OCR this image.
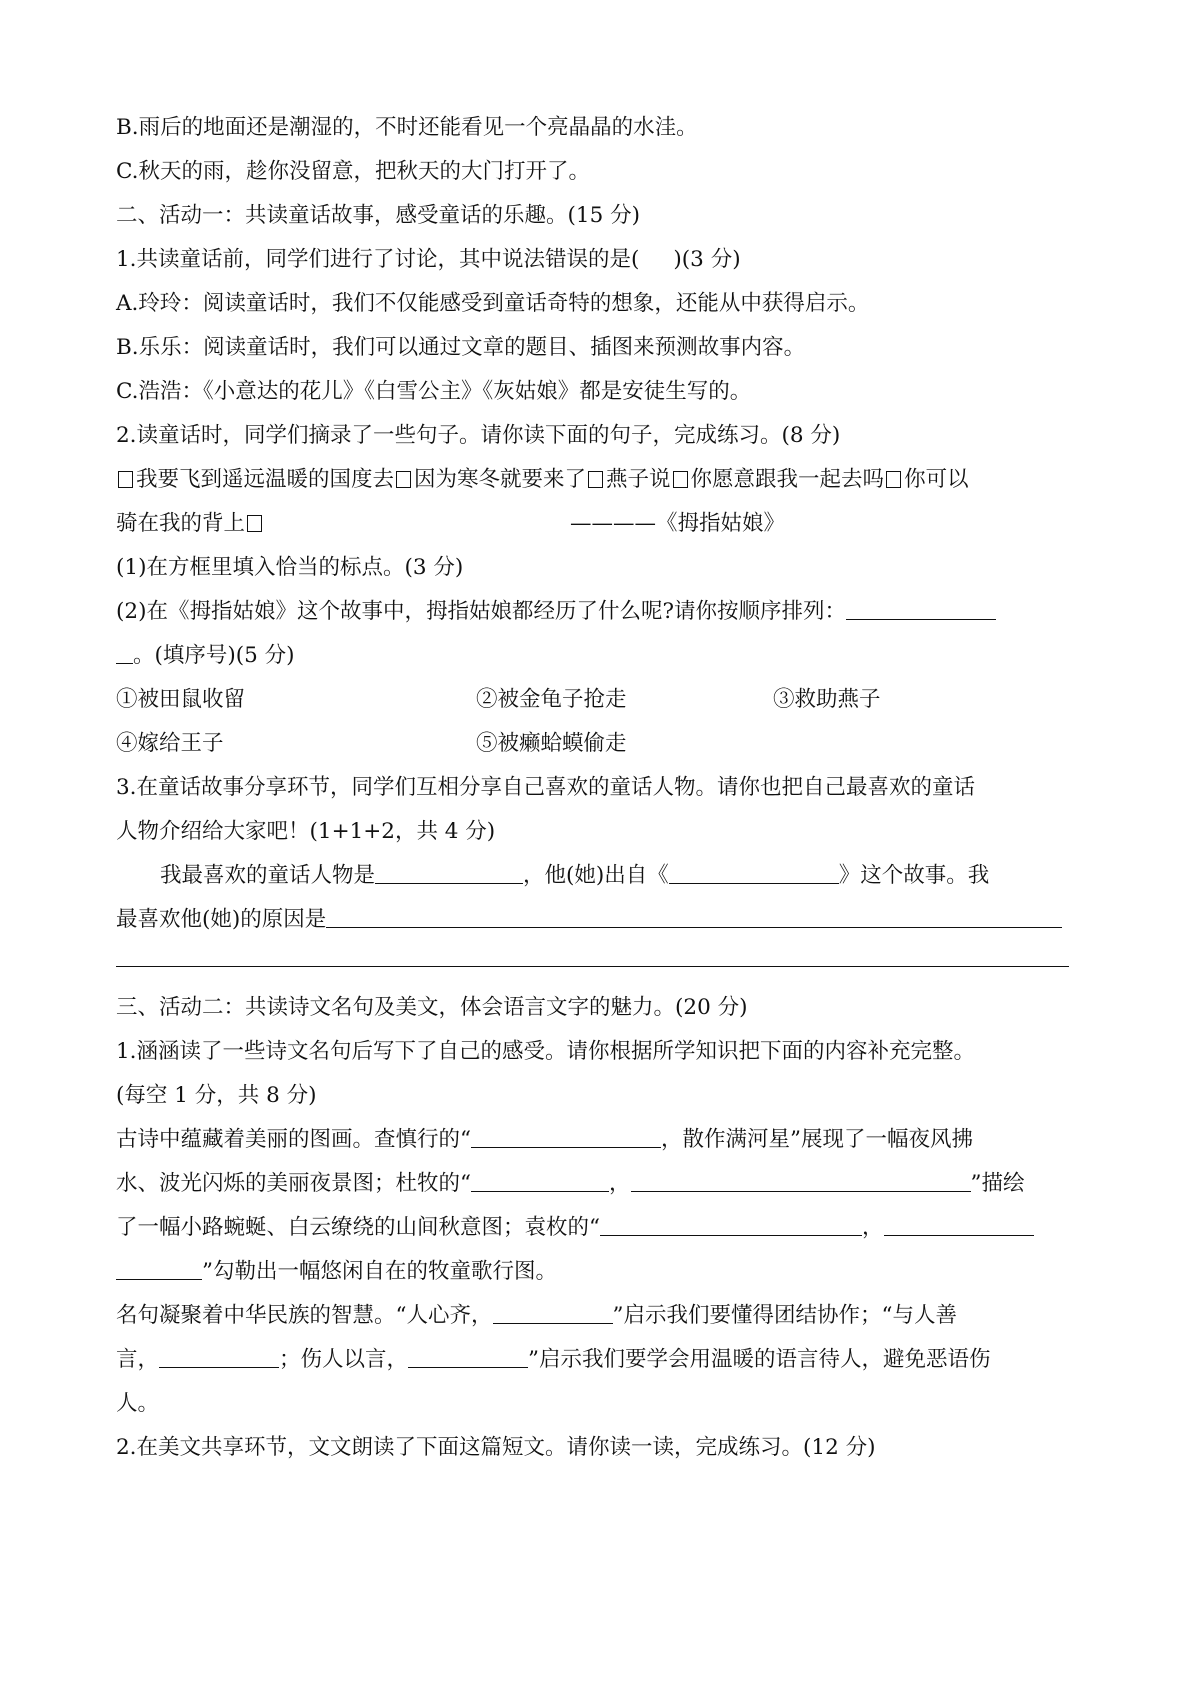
B.雨后的地面还是潮湿的，不时还能看见一个亮晶晶的水洼。
C.秋天的雨，趁你没留意，把秋天的大门打开了。
二、活动一：共读童话故事，感受童话的乐趣。(15 分)
1.共读童话前，同学们进行了讨论，其中说法错误的是( )(3 分)
A.玲玲：阅读童话时，我们不仅能感受到童话奇特的想象，还能从中获得启示。
B.乐乐：阅读童话时，我们可以通过文章的题目、插图来预测故事内容。
C.浩浩：《小意达的花儿》《白雪公主》《灰姑娘》都是安徒生写的。
2.读童话时，同学们摘录了一些句子。请你读下面的句子，完成练习。(8 分)
我要飞到遥远温暖的国度去 因为寒冬就要来了 燕子说 你愿意跟我一起去吗 你可以
骑在我的背上	————《拇指姑娘》
(1)在方框里填入恰当的标点。(3 分)
(2)在《拇指姑娘》这个故事中，拇指姑娘都经历了什么呢?请你按顺序排列：
。(填序号)(5 分)
①被田鼠收留	②被金龟子抢走	③救助燕子
④嫁给王子	⑤被癞蛤蟆偷走
3.在童话故事分享环节，同学们互相分享自己喜欢的童话人物。请你也把自己最喜欢的童话
人物介绍给大家吧！(1+1+2，共 4 分)
我最喜欢的童话人物是	，他(她)出自《	》这个故事。我
最喜欢他(她)的原因是
三、活动二：共读诗文名句及美文，体会语言文字的魅力。(20 分)
1.涵涵读了一些诗文名句后写下了自己的感受。请你根据所学知识把下面的内容补充完整。
(每空 1 分，共 8 分)
古诗中蕴藏着美丽的图画。查慎行的“	，散作满河星”展现了一幅夜风拂
水、波光闪烁的美丽夜景图；杜牧的“	，	”描绘
了一幅小路蜿蜒、白云缭绕的山间秋意图；袁枚的“	，
”勾勒出一幅悠闲自在的牧童歌行图。
名句凝聚着中华民族的智慧。“人心齐，	”启示我们要懂得团结协作；“与人善
言，	；伤人以言，	”启示我们要学会用温暖的语言待人，避免恶语伤
人。
2.在美文共享环节，文文朗读了下面这篇短文。请你读一读，完成练习。(12 分)
